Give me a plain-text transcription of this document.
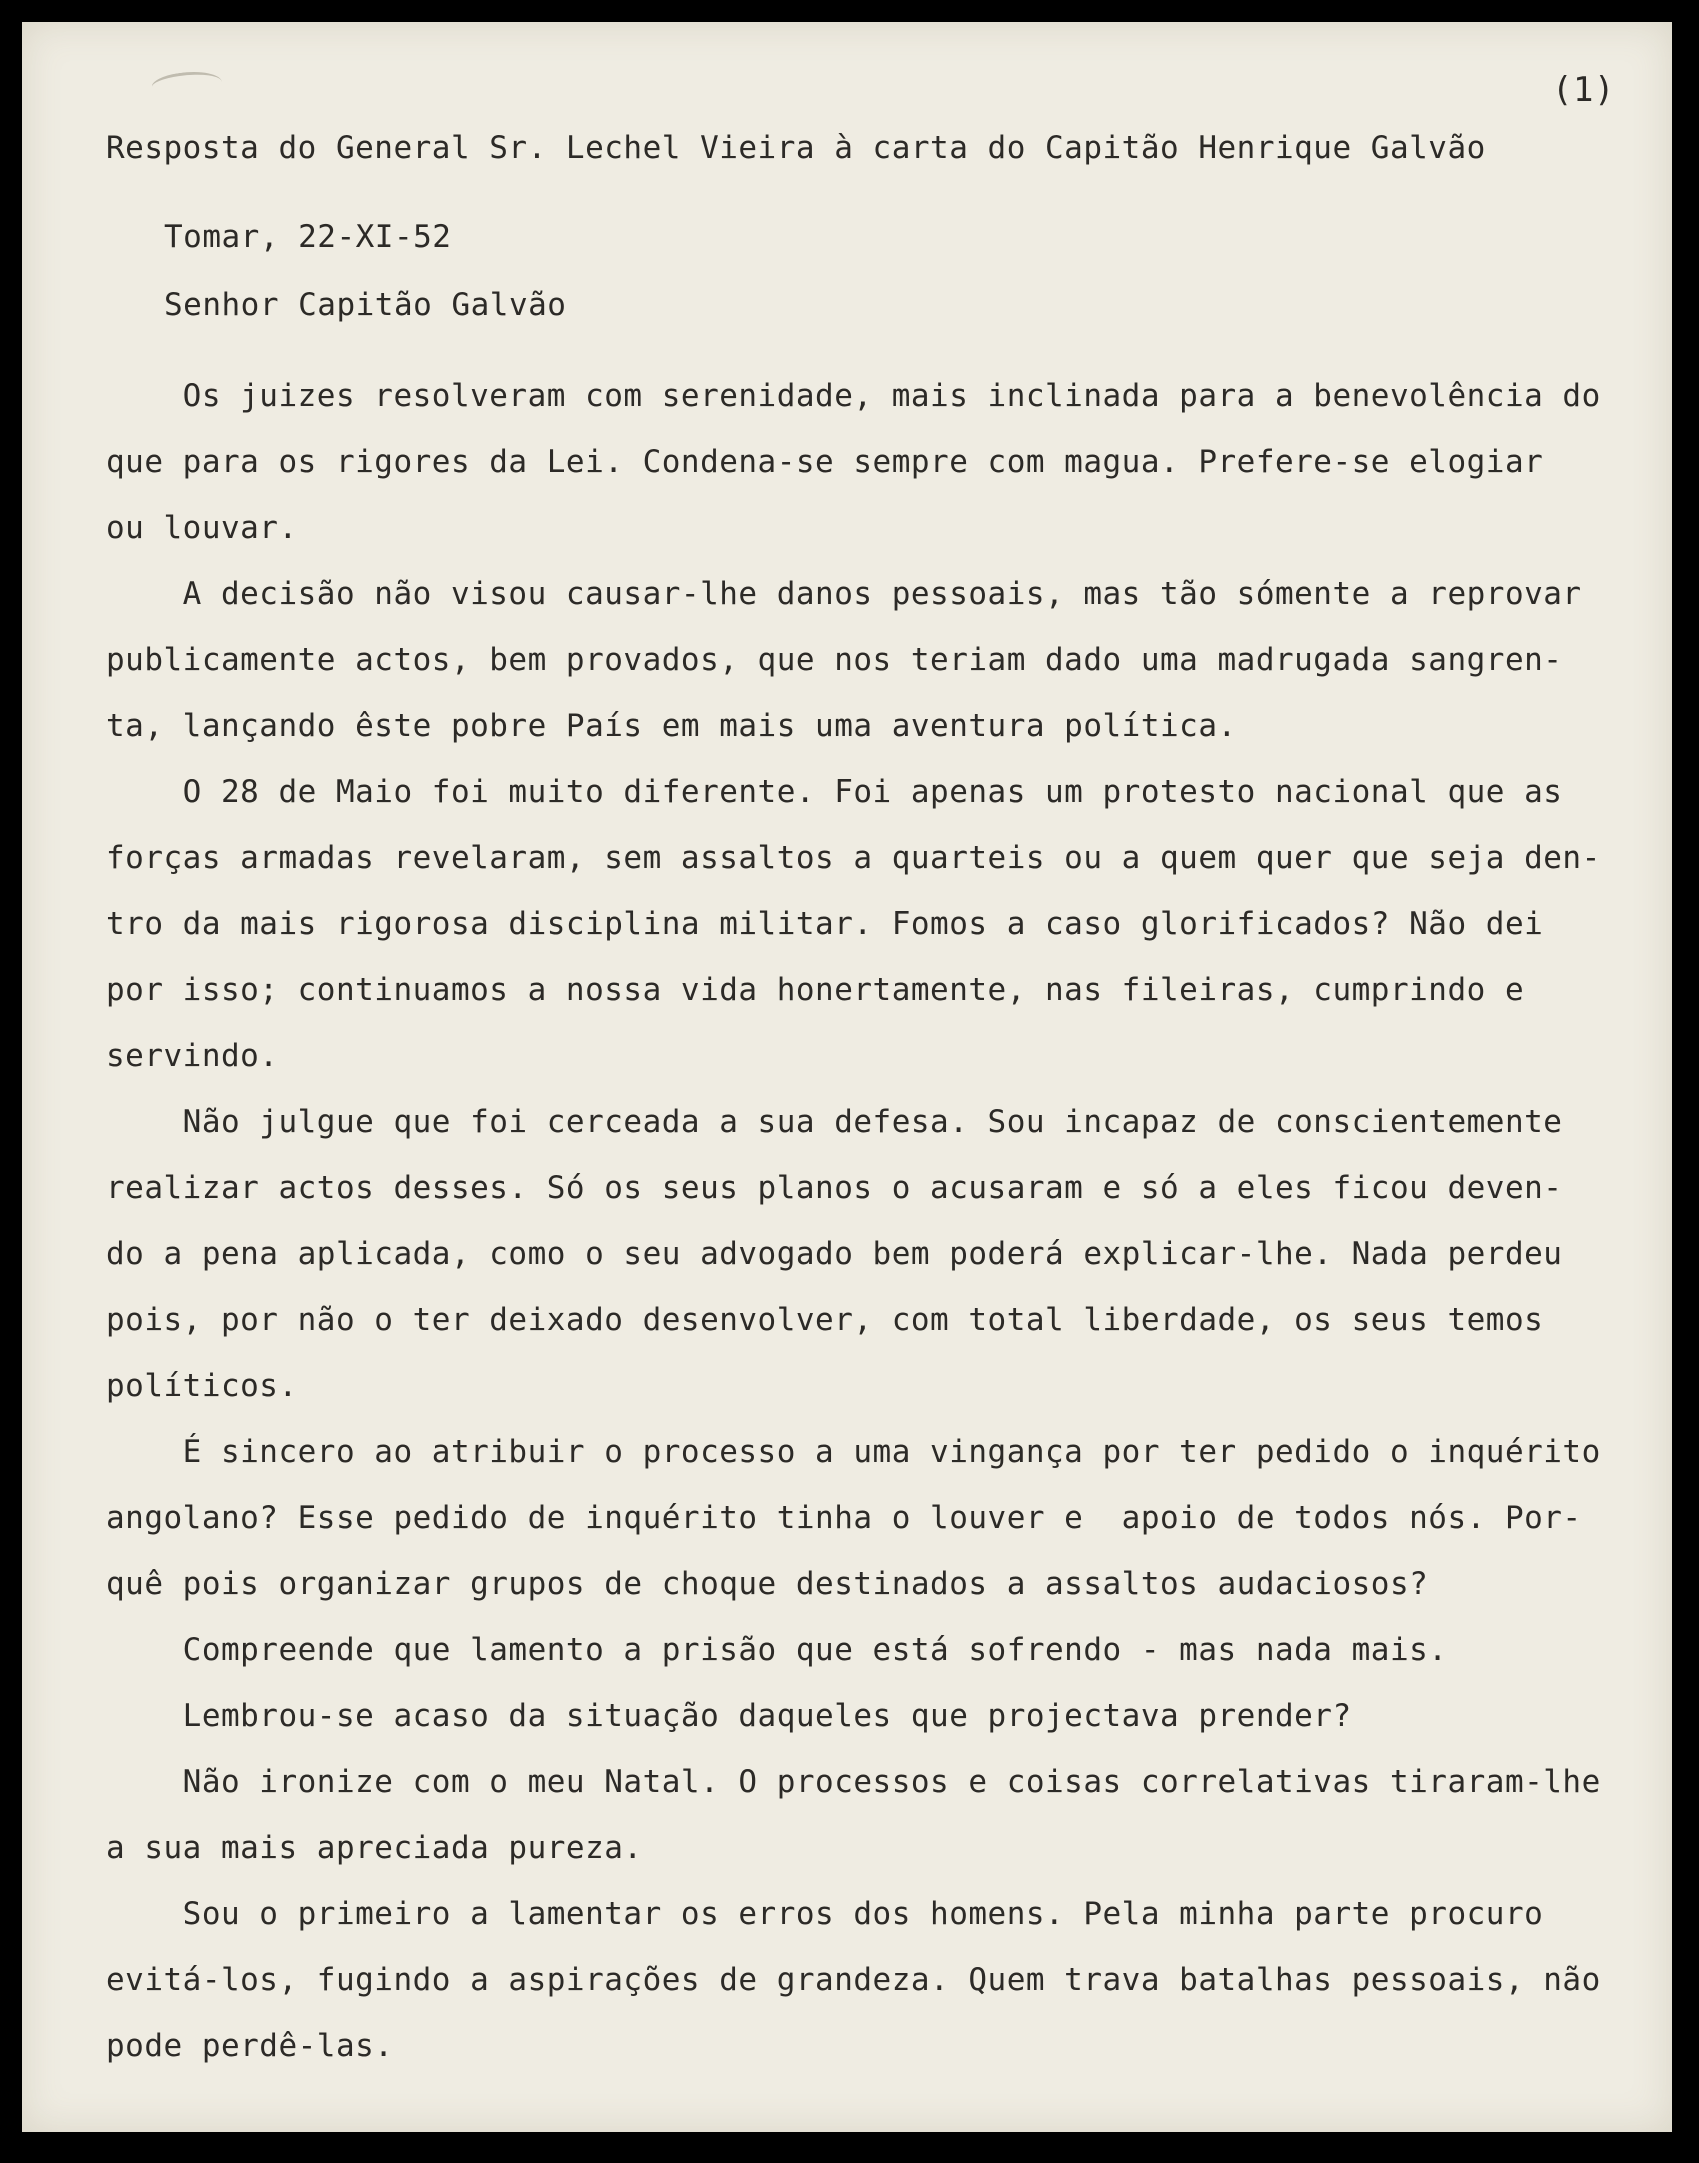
(1)
Resposta do General Sr. Lechel Vieira à carta do Capitão Henrique Galvão
Tomar, 22-XI-52
Senhor Capitão Galvão
Os juizes resolveram com serenidade, mais inclinada para a benevolência do
que para os rigores da Lei. Condena-se sempre com magua. Prefere-se elogiar
ou louvar.
A decisão não visou causar-lhe danos pessoais, mas tão sómente a reprovar
publicamente actos, bem provados, que nos teriam dado uma madrugada sangren-
ta, lançando êste pobre País em mais uma aventura política.
O 28 de Maio foi muito diferente. Foi apenas um protesto nacional que as
forças armadas revelaram, sem assaltos a quarteis ou a quem quer que seja den-
tro da mais rigorosa disciplina militar. Fomos a caso glorificados? Não dei
por isso; continuamos a nossa vida honertamente, nas fileiras, cumprindo e
servindo.
Não julgue que foi cerceada a sua defesa. Sou incapaz de conscientemente
realizar actos desses. Só os seus planos o acusaram e só a eles ficou deven-
do a pena aplicada, como o seu advogado bem poderá explicar-lhe. Nada perdeu
pois, por não o ter deixado desenvolver, com total liberdade, os seus temos
políticos.
É sincero ao atribuir o processo a uma vingança por ter pedido o inquérito
angolano? Esse pedido de inquérito tinha o louver e  apoio de todos nós. Por-
quê pois organizar grupos de choque destinados a assaltos audaciosos?
Compreende que lamento a prisão que está sofrendo - mas nada mais.
Lembrou-se acaso da situação daqueles que projectava prender?
Não ironize com o meu Natal. O processos e coisas correlativas tiraram-lhe
a sua mais apreciada pureza.
Sou o primeiro a lamentar os erros dos homens. Pela minha parte procuro
evitá-los, fugindo a aspirações de grandeza. Quem trava batalhas pessoais, não
pode perdê-las.
